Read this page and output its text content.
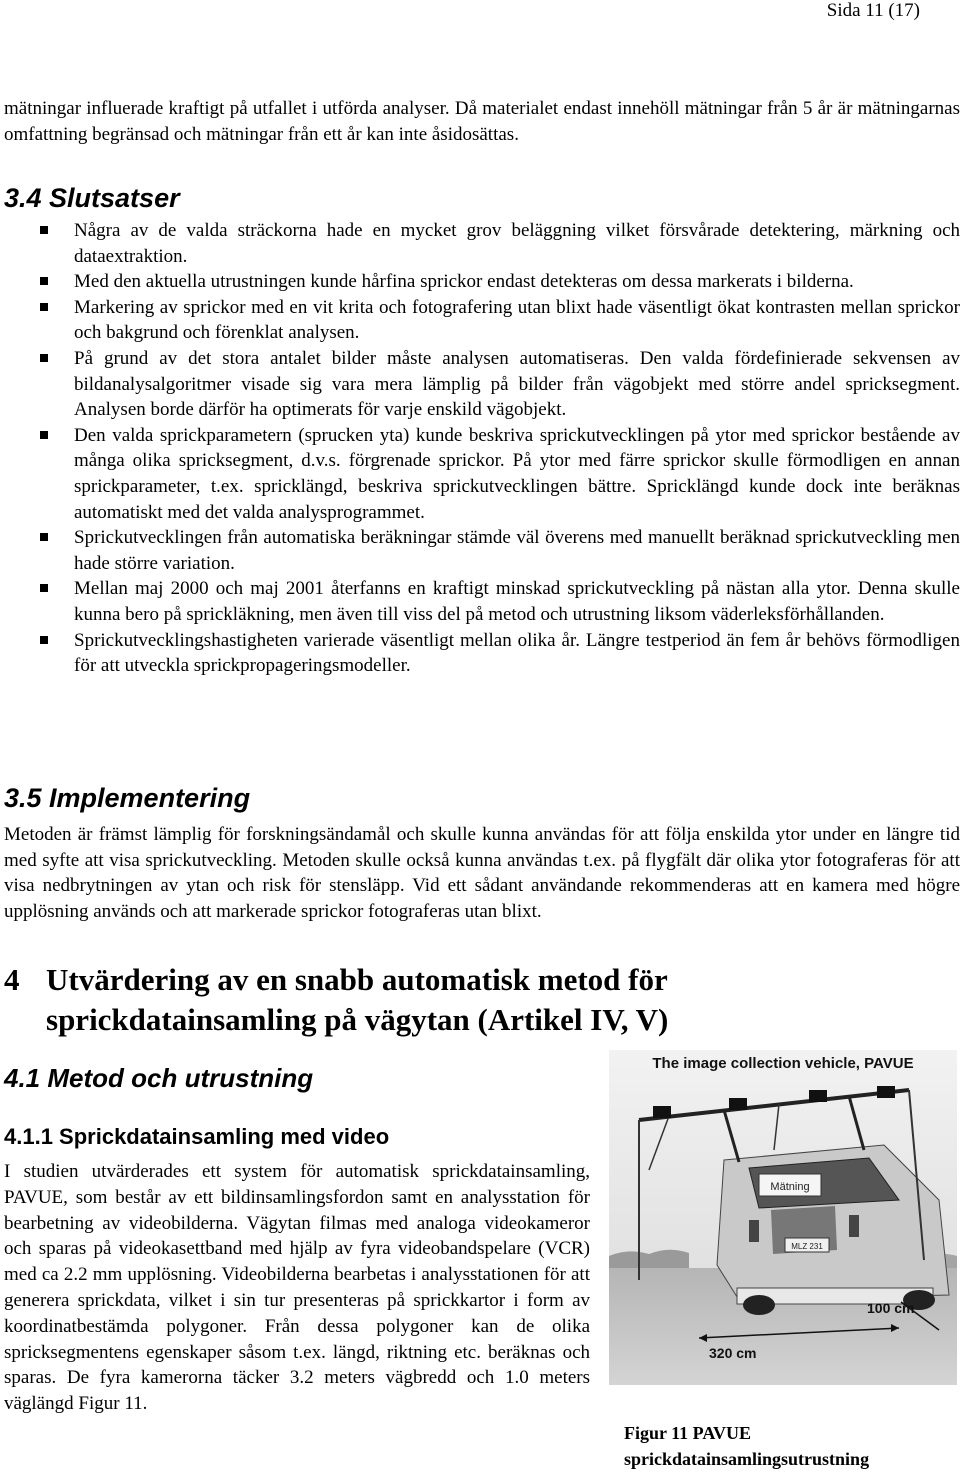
Sida 11 (17)

mätningar influerade kraftigt på utfallet i utförda analyser. Då materialet endast innehöll mätningar från 5 år är mätningarnas omfattning begränsad och mätningar från ett år kan inte åsidosättas.

3.4 Slutsatser
Några av de valda sträckorna hade en mycket grov beläggning vilket försvårade detektering, märkning och dataextraktion.
Med den aktuella utrustningen kunde hårfina sprickor endast detekteras om dessa markerats i bilderna.
Markering av sprickor med en vit krita och fotografering utan blixt hade väsentligt ökat kontrasten mellan sprickor och bakgrund och förenklat analysen.
På grund av det stora antalet bilder måste analysen automatiseras. Den valda fördefinierade sekvensen av bildanalysalgoritmer visade sig vara mera lämplig på bilder från vägobjekt med större andel spricksegment. Analysen borde därför ha optimerats för varje enskild vägobjekt.
Den valda sprickparametern (sprucken yta) kunde beskriva sprickutvecklingen på ytor med sprickor bestående av många olika spricksegment, d.v.s. förgrenade sprickor. På ytor med färre sprickor skulle förmodligen en annan sprickparameter, t.ex. spricklängd, beskriva sprickutvecklingen bättre. Spricklängd kunde dock inte beräknas automatiskt med det valda analysprogrammet.
Sprickutvecklingen från automatiska beräkningar stämde väl överens med manuellt beräknad sprickutveckling men hade större variation.
Mellan maj 2000 och maj 2001 återfanns en kraftigt minskad sprickutveckling på nästan alla ytor. Denna skulle kunna bero på sprickläkning, men även till viss del på metod och utrustning liksom väderleksförhållanden.
Sprickutvecklingshastigheten varierade väsentligt mellan olika år. Längre testperiod än fem år behövs förmodligen för att utveckla sprickpropageringsmodeller.
3.5 Implementering

Metoden är främst lämplig för forskningsändamål och skulle kunna användas för att följa enskilda ytor under en längre tid med syfte att visa sprickutveckling. Metoden skulle också kunna användas t.ex. på flygfält där olika ytor fotograferas för att visa nedbrytningen av ytan och risk för stensläpp. Vid ett sådant användande rekommenderas att en kamera med högre upplösning används och att markerade sprickor fotograferas utan blixt.

4 Utvärdering av en snabb automatisk metod för
sprickdatainsamling på vägytan (Artikel IV, V)
4.1 Metod och utrustning
4.1.1 Sprickdatainsamling med video

I studien utvärderades ett system för automatisk sprickdatainsamling, PAVUE, som består av ett bildinsamlingsfordon samt en analysstation för bearbetning av videobilderna. Vägytan filmas med analoga videokameror och sparas på videokasettband med hjälp av fyra videobandspelare (VCR) med ca 2.2 mm upplösning. Videobilderna bearbetas i analysstationen för att generera sprickdata, vilket i sin tur presenteras på sprickkartor i form av koordinatbestämda polygoner. Från dessa polygoner kan de olika spricksegmentens egenskaper såsom t.ex. längd, riktning etc. beräknas och sparas. De fyra kamerorna täcker 3.2 meters vägbredd och 1.0 meters väglängd Figur 11.

Mätning
MLZ 231
The image collection vehicle, PAVUE
100 cm
320 cm

Figur 11 PAVUE
sprickdatainsamlingsutrustning
